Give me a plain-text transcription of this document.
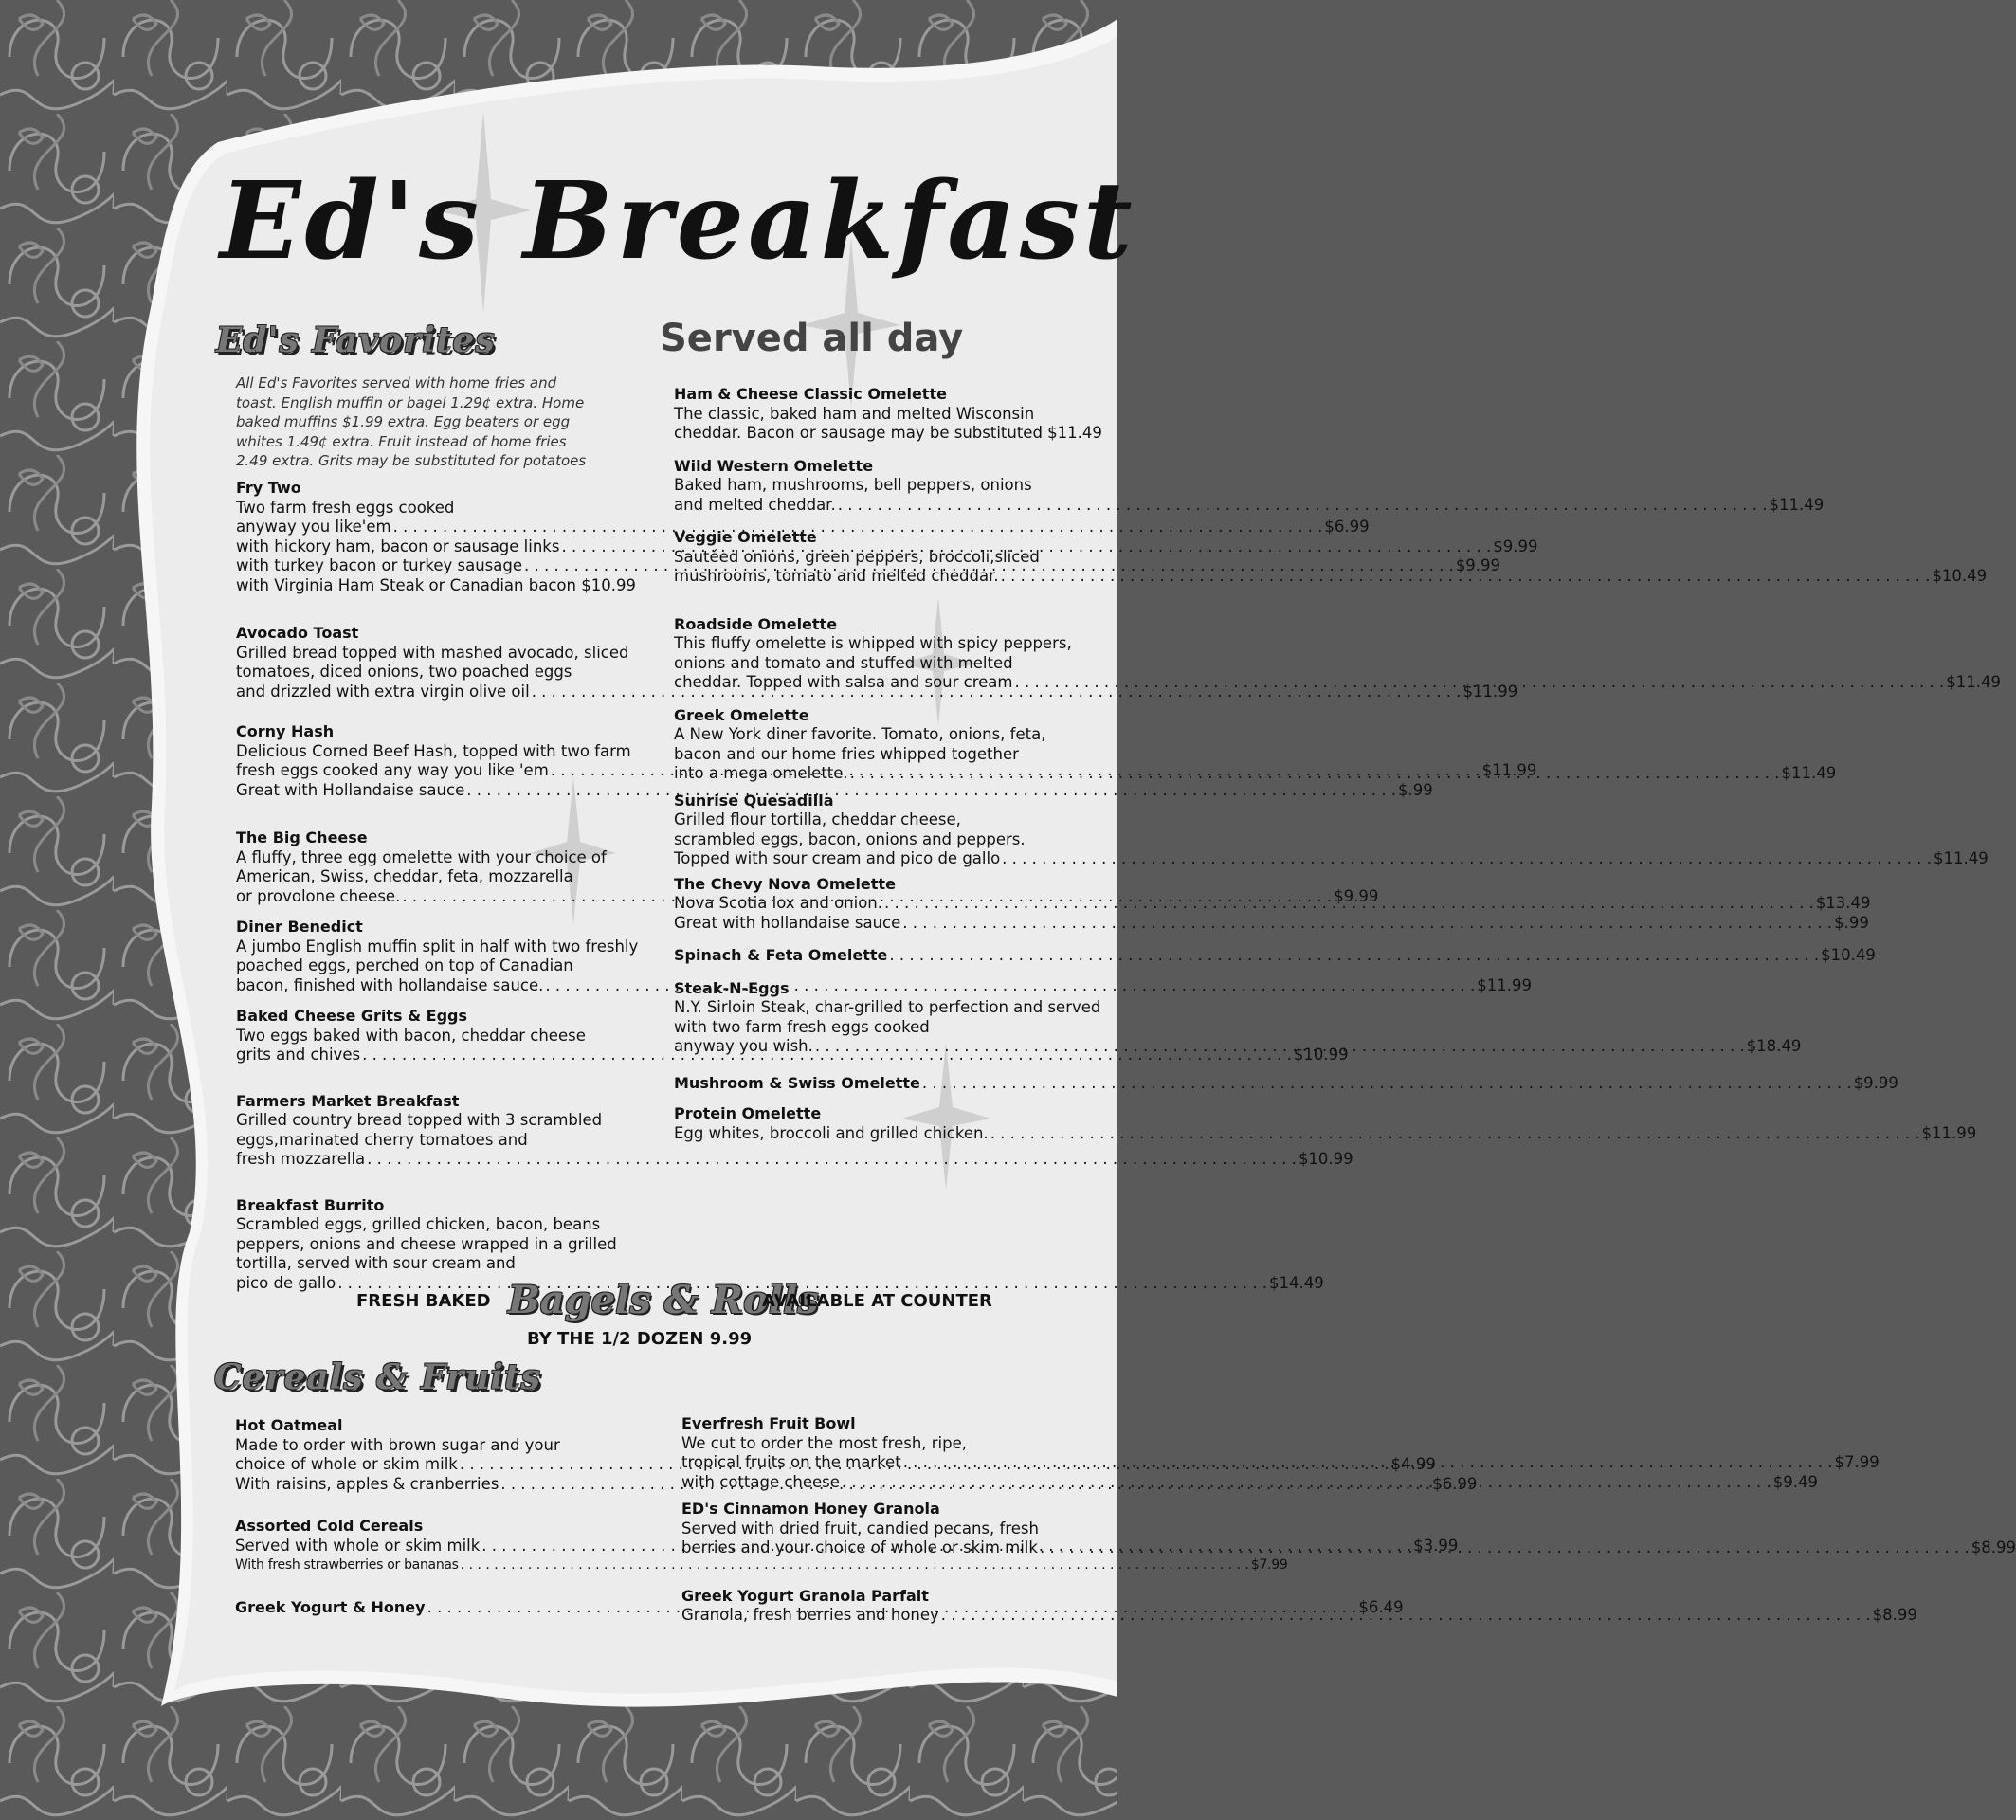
Ed's Breakfast
Ed's Favorites	Served all day
All Ed's Favorites served with home fries and toast. English muffin or bagel 1.29¢ extra. Home baked muffins $1.99 extra. Egg beaters or egg whites 1.49¢ extra. Fruit instead of home fries 2.49 extra. Grits may be substituted for potatoes
Fry Two
Two farm fresh eggs cooked
anyway you like'em . . .	$6.99
with hickory ham, bacon or sausage links . . .	$9.99
with turkey bacon or turkey sausage . . .	$9.99
with Virginia Ham Steak or Canadian bacon $10.99
Avocado Toast
Grilled bread topped with mashed avocado, sliced
tomatoes, diced onions, two poached eggs
and drizzled with extra virgin olive oil . . .	$11.99
Corny Hash
Delicious Corned Beef Hash, topped with two farm
fresh eggs cooked any way you like 'em . . .	$11.99
Great with Hollandaise sauce . . .	$.99
The Big Cheese
A fluffy, three egg omelette with your choice of
American, Swiss, cheddar, feta, mozzarella
or provolone cheese. . . .	$9.99
Diner Benedict
A jumbo English muffin split in half with two freshly
poached eggs, perched on top of Canadian
bacon, finished with hollandaise sauce. . . .	$11.99
Baked Cheese Grits & Eggs
Two eggs baked with bacon, cheddar cheese
grits and chives . . .	$10.99
Farmers Market Breakfast
Grilled country bread topped with 3 scrambled
eggs,marinated cherry tomatoes and
fresh mozzarella . . .	$10.99
Breakfast Burrito
Scrambled eggs, grilled chicken, bacon, beans
peppers, onions and cheese wrapped in a grilled
tortilla, served with sour cream and
pico de gallo . . .	$14.49
Ham & Cheese Classic Omelette
The classic, baked ham and melted Wisconsin
cheddar. Bacon or sausage may be substituted $11.49
Wild Western Omelette
Baked ham, mushrooms, bell peppers, onions
and melted cheddar. . . .	$11.49
Veggie Omelette
Sautéed onions, green peppers, broccoli,sliced
mushrooms, tomato and melted cheddar. . . .	$10.49
Roadside Omelette
This fluffy omelette is whipped with spicy peppers,
onions and tomato and stuffed with melted
cheddar. Topped with salsa and sour cream . . .	$11.49
Greek Omelette
A New York diner favorite. Tomato, onions, feta,
bacon and our home fries whipped together
into a mega omelette. . . .	$11.49
Sunrise Quesadilla
Grilled flour tortilla, cheddar cheese,
scrambled eggs, bacon, onions and peppers.
Topped with sour cream and pico de gallo . . .	$11.49
The Chevy Nova Omelette
Nova Scotia lox and onion. . . .	$13.49
Great with hollandaise sauce . . .	$.99
Spinach & Feta Omelette . . .	$10.49
Steak-N-Eggs
N.Y. Sirloin Steak, char-grilled to perfection and served
with two farm fresh eggs cooked
anyway you wish. . . .	$18.49
Mushroom & Swiss Omelette . . .	$9.99
Protein Omelette
Egg whites, broccoli and grilled chicken. . . .	$11.99
FRESH BAKED Bagels & Rolls
AVAILABLE AT COUNTER
BY THE 1/2 DOZEN 9.99
Cereals & Fruits
Hot Oatmeal
Made to order with brown sugar and your
choice of whole or skim milk . . .	$4.99
With raisins, apples & cranberries . . .	$6.99
Assorted Cold Cereals
Served with whole or skim milk . . .	$3.99
With fresh strawberries or bananas . . .	$7.99
Greek Yogurt & Honey . . .	$6.49
Everfresh Fruit Bowl
We cut to order the most fresh, ripe,
tropical fruits on the market . . .	$7.99
with cottage cheese . . .	$9.49
ED's Cinnamon Honey Granola
Served with dried fruit, candied pecans, fresh
berries and your choice of whole or skim milk . . .	$8.99
Greek Yogurt Granola Parfait
Granola, fresh berries and honey . . .	$8.99
